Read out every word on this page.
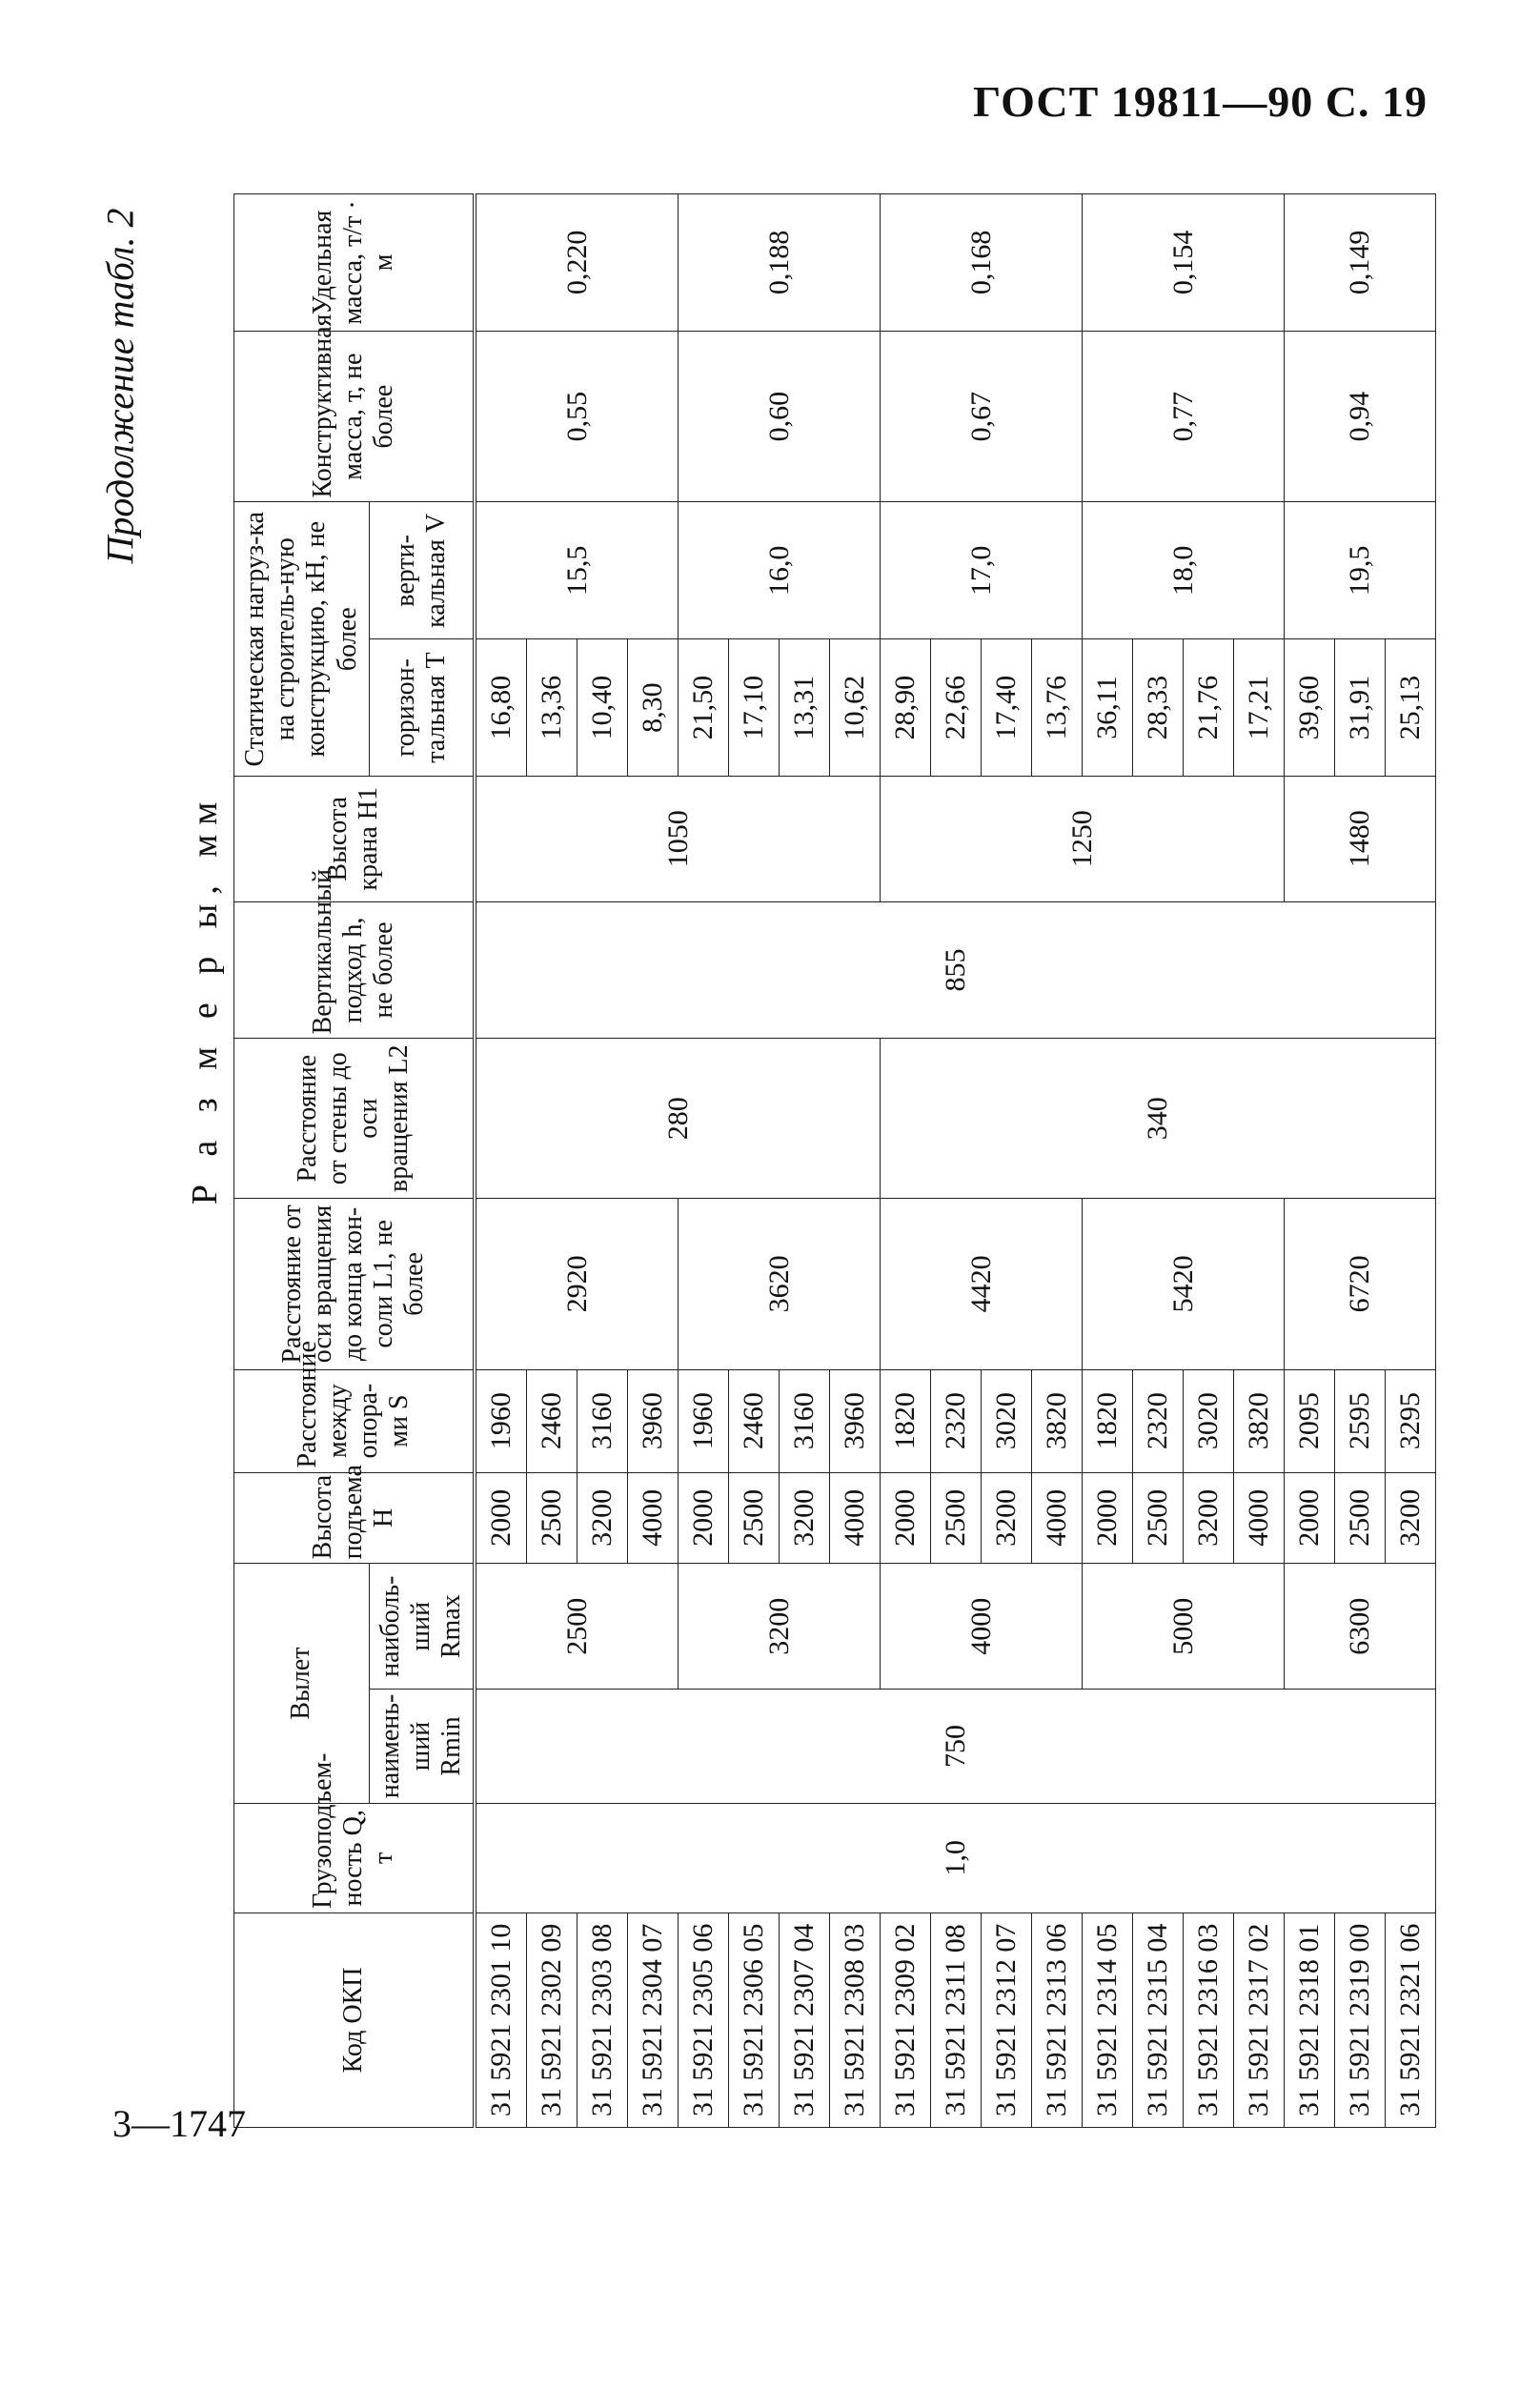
ГОСТ 19811—90 С. 19
Продолжение табл. 2
3—1747
		Р а з м е р ы, мм											
Код ОКП	Грузоподъем-ность Q, т	Вылет		Высота подъема H	Расстояние между опора-ми S	Расстояние от оси вращения до конца кон-соли L1, не более	Расстояние от стены до оси вращения L2	Вертикальный подход h, не более	Высота крана H1	Статическая нагруз-ка на строитель-ную конструкцию, кН, не более		Конструктивная масса, т, не более	Удельная масса, т/т · м
		наимень-ший Rmin	наиболь-ший Rmax							горизон-тальная T	верти-кальная V		
31 5921 2301 10	1,0	750	2500	2000	1960	2920	280	855	1050	16,80	15,5	0,55	0,220
31 5921 2302 09				2500	2460					13,36			
31 5921 2303 08				3200	3160					10,40			
31 5921 2304 07				4000	3960					8,30			
31 5921 2305 06			3200	2000	1960	3620				21,50	16,0	0,60	0,188
31 5921 2306 05				2500	2460					17,10			
31 5921 2307 04				3200	3160					13,31			
31 5921 2308 03				4000	3960					10,62			
31 5921 2309 02			4000	2000	1820	4420	340		1250	28,90	17,0	0,67	0,168
31 5921 2311 08				2500	2320					22,66			
31 5921 2312 07				3200	3020					17,40			
31 5921 2313 06				4000	3820					13,76			
31 5921 2314 05			5000	2000	1820	5420				36,11	18,0	0,77	0,154
31 5921 2315 04				2500	2320					28,33			
31 5921 2316 03				3200	3020					21,76			
31 5921 2317 02				4000	3820					17,21			
31 5921 2318 01			6300	2000	2095	6720			1480	39,60	19,5	0,94	0,149
31 5921 2319 00				2500	2595					31,91			
31 5921 2321 06				3200	3295					25,13			
